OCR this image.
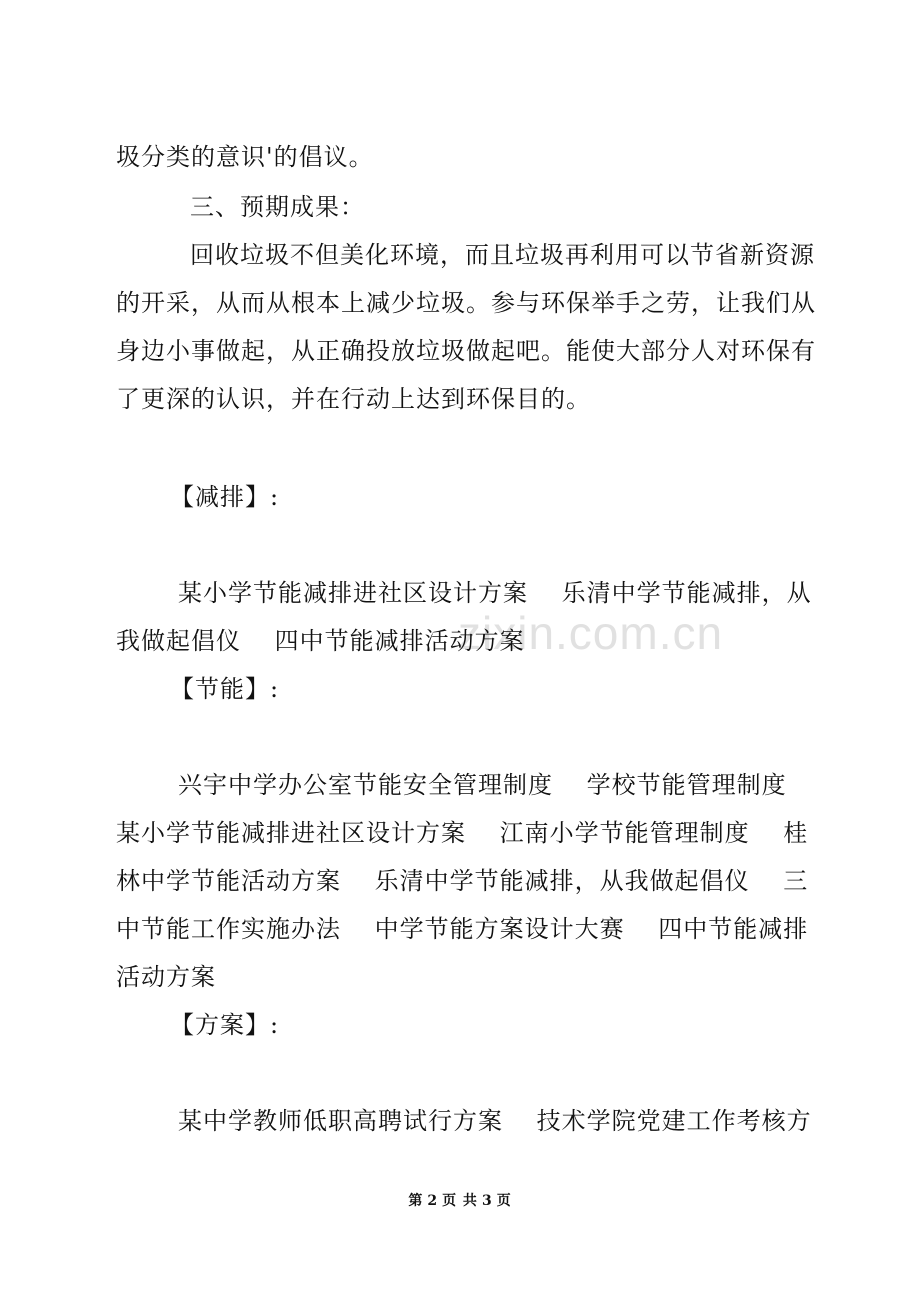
zixin.com.cn
圾分类的意识'的倡议。
三、预期成果：
回收垃圾不但美化环境，而且垃圾再利用可以节省新资源
的开采，从而从根本上减少垃圾。参与环保举手之劳，让我们从
身边小事做起，从正确投放垃圾做起吧。能使大部分人对环保有
了更深的认识，并在行动上达到环保目的。
【减排】:
某小学节能减排进社区设计方案　 乐清中学节能减排，从
我做起倡仪　 四中节能减排活动方案
【节能】:
兴宇中学办公室节能安全管理制度　 学校节能管理制度
某小学节能减排进社区设计方案　 江南小学节能管理制度　 桂
林中学节能活动方案　 乐清中学节能减排，从我做起倡仪　 三
中节能工作实施办法　 中学节能方案设计大赛　 四中节能减排
活动方案
【方案】:
某中学教师低职高聘试行方案　 技术学院党建工作考核方
第 2 页 共 3 页
